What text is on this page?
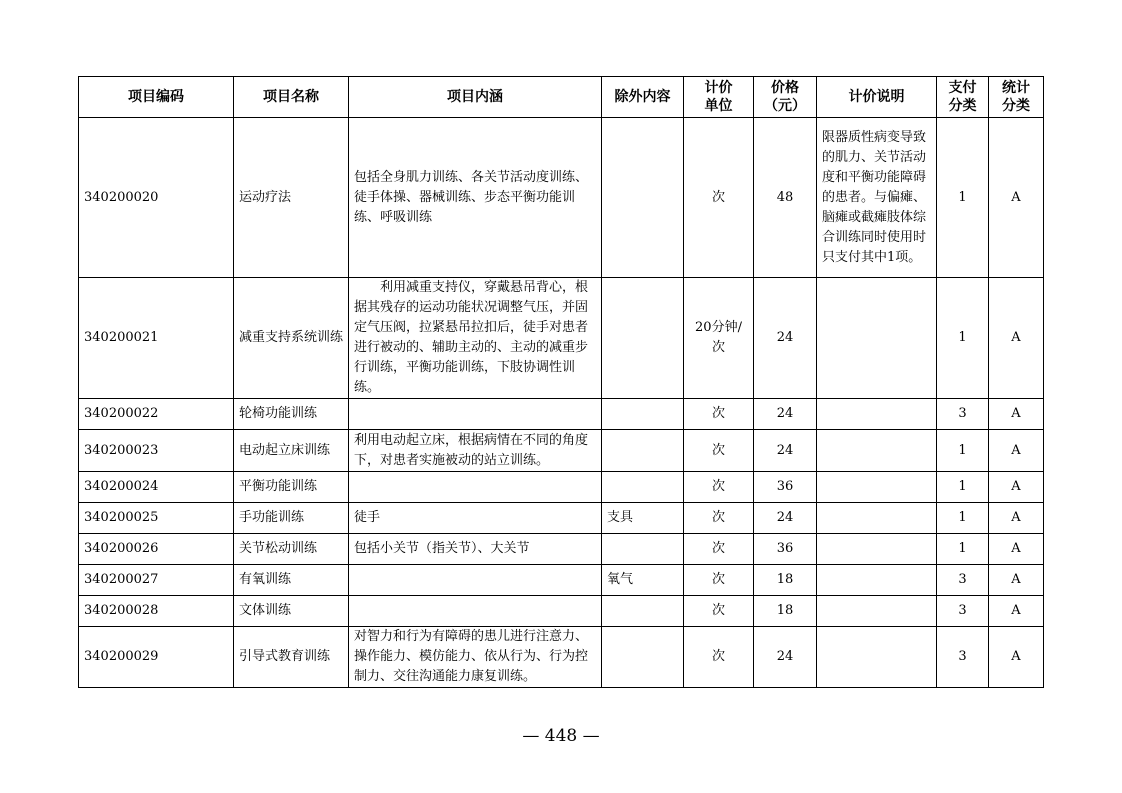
项目编码	项目名称	项目内涵	除外内容	计价单位	价格（元）	计价说明	支付分类	统计分类
340200020	运动疗法	包括全身肌力训练、各关节活动度训练、徒手体操、器械训练、步态平衡功能训练、呼吸训练		次	48	限器质性病变导致的肌力、关节活动度和平衡功能障碍的患者。与偏瘫、脑瘫或截瘫肢体综合训练同时使用时只支付其中1项。	1	A
340200021	减重支持系统训练	利用减重支持仪，穿戴悬吊背心，根据其残存的运动功能状况调整气压，并固定气压阀，拉紧悬吊拉扣后，徒手对患者进行被动的、辅助主动的、主动的减重步行训练，平衡功能训练，下肢协调性训练。		20分钟/次	24		1	A
340200022	轮椅功能训练			次	24		3	A
340200023	电动起立床训练	利用电动起立床，根据病情在不同的角度下，对患者实施被动的站立训练。		次	24		1	A
340200024	平衡功能训练			次	36		1	A
340200025	手功能训练	徒手	支具	次	24		1	A
340200026	关节松动训练	包括小关节（指关节）、大关节		次	36		1	A
340200027	有氧训练		氧气	次	18		3	A
340200028	文体训练			次	18		3	A
340200029	引导式教育训练	对智力和行为有障碍的患儿进行注意力、操作能力、模仿能力、依从行为、行为控制力、交往沟通能力康复训练。		次	24		3	A
— 448 —
